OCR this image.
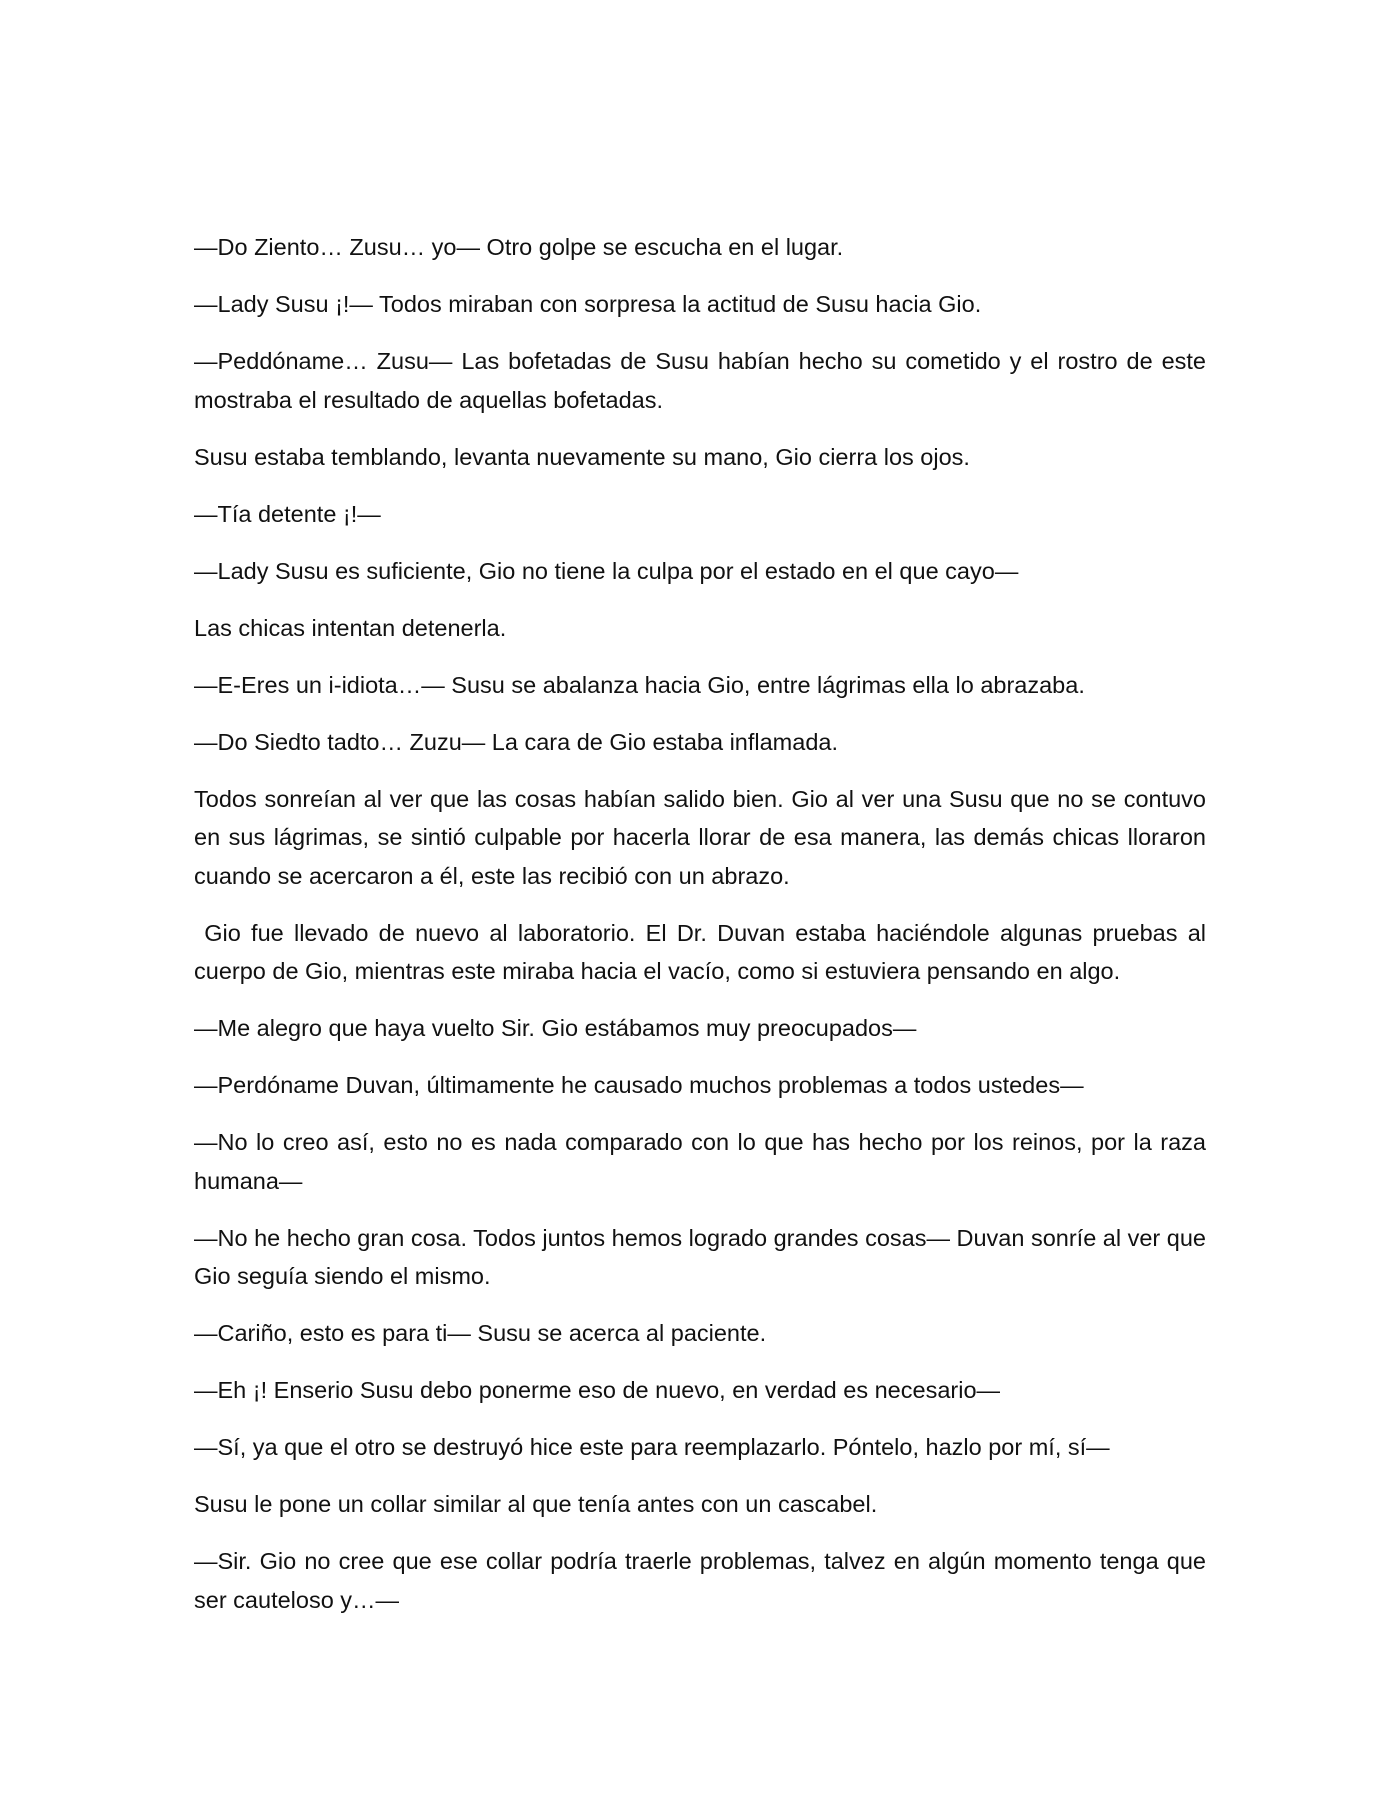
—Do Ziento… Zusu… yo— Otro golpe se escucha en el lugar.

—Lady Susu ¡!— Todos miraban con sorpresa la actitud de Susu hacia Gio.

—Peddóname… Zusu— Las bofetadas de Susu habían hecho su cometido y el rostro de este mostraba el resultado de aquellas bofetadas.

Susu estaba temblando, levanta nuevamente su mano, Gio cierra los ojos.

—Tía detente ¡!—

—Lady Susu es suficiente, Gio no tiene la culpa por el estado en el que cayo—

Las chicas intentan detenerla.

—E-Eres un i-idiota…— Susu se abalanza hacia Gio, entre lágrimas ella lo abrazaba.

—Do Siedto tadto… Zuzu— La cara de Gio estaba inflamada.

Todos sonreían al ver que las cosas habían salido bien. Gio al ver una Susu que no se contuvo en sus lágrimas, se sintió culpable por hacerla llorar de esa manera, las demás chicas lloraron cuando se acercaron a él, este las recibió con un abrazo.

Gio fue llevado de nuevo al laboratorio. El Dr. Duvan estaba haciéndole algunas pruebas al cuerpo de Gio, mientras este miraba hacia el vacío, como si estuviera pensando en algo.

—Me alegro que haya vuelto Sir. Gio estábamos muy preocupados—

—Perdóname Duvan, últimamente he causado muchos problemas a todos ustedes—

—No lo creo así, esto no es nada comparado con lo que has hecho por los reinos, por la raza humana—

—No he hecho gran cosa. Todos juntos hemos logrado grandes cosas— Duvan sonríe al ver que Gio seguía siendo el mismo.

—Cariño, esto es para ti— Susu se acerca al paciente.

—Eh ¡! Enserio Susu debo ponerme eso de nuevo, en verdad es necesario—

—Sí, ya que el otro se destruyó hice este para reemplazarlo. Póntelo, hazlo por mí, sí—

Susu le pone un collar similar al que tenía antes con un cascabel.

—Sir. Gio no cree que ese collar podría traerle problemas, talvez en algún momento tenga que ser cauteloso y…—
